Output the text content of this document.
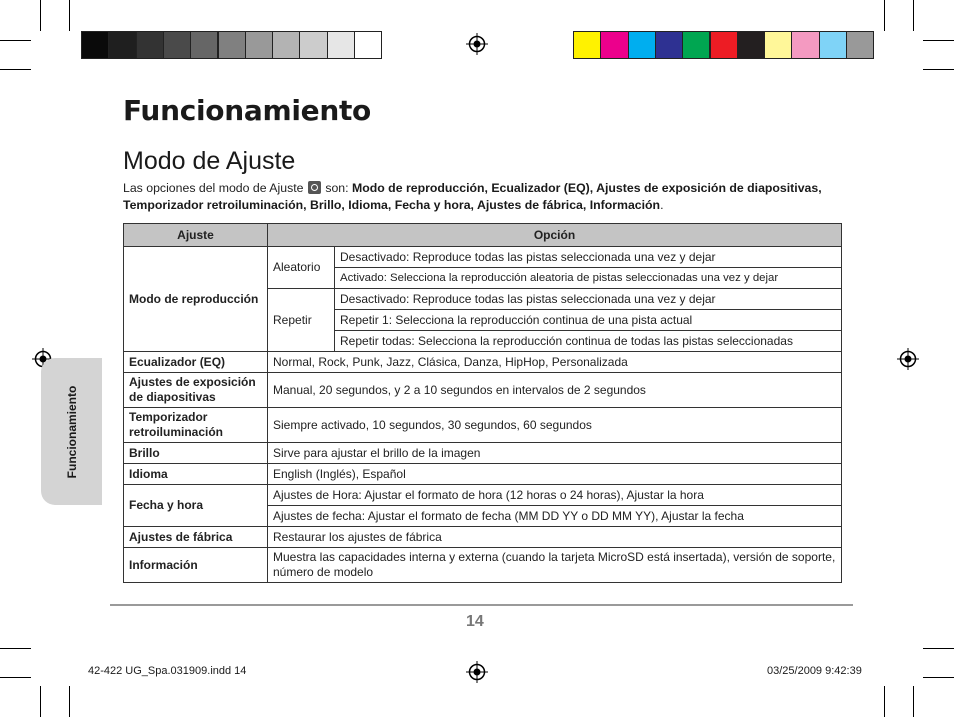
Funcionamiento
Modo de Ajuste
Las opciones del modo de Ajuste  son: Modo de reproducción, Ecualizador (EQ), Ajustes de exposición de diapositivas, Temporizador retroiluminación, Brillo, Idioma, Fecha y hora, Ajustes de fábrica, Información.
Ajuste	Opción	
Modo de reproducción	Aleatorio	Desactivado: Reproduce todas las pistas seleccionada una vez y dejar
		Activado: Selecciona la reproducción aleatoria de pistas seleccionadas una vez y dejar
	Repetir	Desactivado: Reproduce todas las pistas seleccionada una vez y dejar
		Repetir 1: Selecciona la reproducción continua de una pista actual
		Repetir todas: Selecciona la reproducción continua de todas las pistas seleccionadas
Ecualizador (EQ)	Normal, Rock, Punk, Jazz, Clásica, Danza, HipHop, Personalizada	
Ajustes de exposición de diapositivas	Manual, 20 segundos, y 2 a 10 segundos en intervalos de 2 segundos	
Temporizador retroiluminación	Siempre activado, 10 segundos, 30 segundos, 60 segundos	
Brillo	Sirve para ajustar el brillo de la imagen	
Idioma	English (Inglés), Español	
Fecha y hora	Ajustes de Hora: Ajustar el formato de hora (12 horas o 24 horas), Ajustar la hora	
	Ajustes de fecha: Ajustar el formato de fecha (MM DD YY o DD MM YY), Ajustar la fecha	
Ajustes de fábrica	Restaurar los ajustes de fábrica	
Información	Muestra las capacidades interna y externa (cuando la tarjeta MicroSD está insertada), versión de soporte, número de modelo	
Funcionamiento
14
42-422 UG_Spa.031909.indd 14	03/25/2009 9:42:39
